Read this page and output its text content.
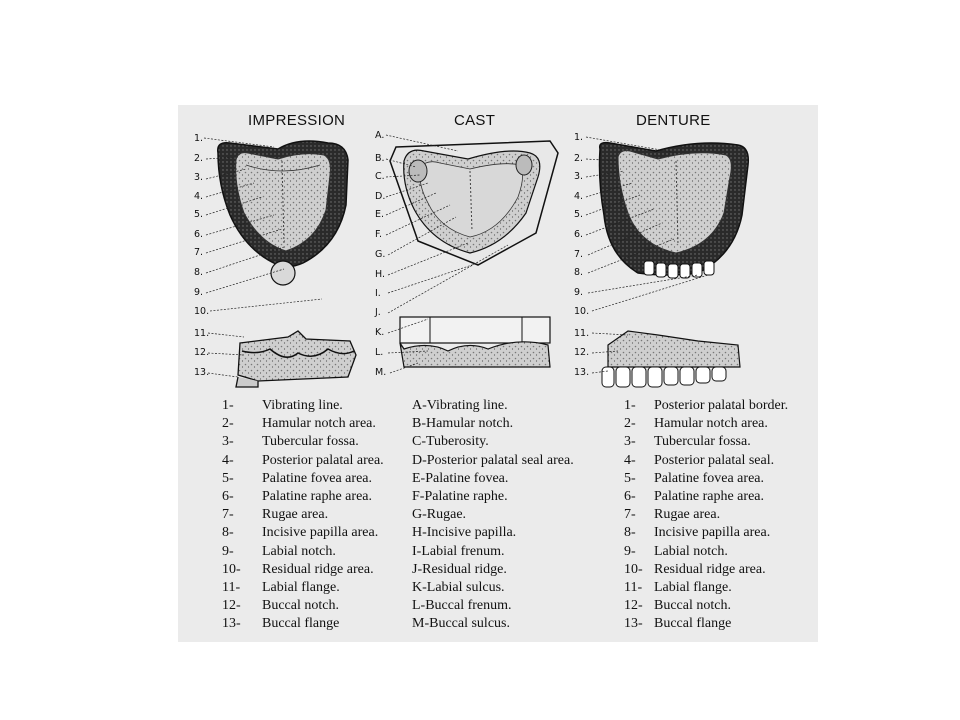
IMPRESSION	CAST	DENTURE
1.
2.
3.
4.
5.
6.
7.
8.
9.
10.
11.
12.
13.
A.
B.
C.
D.
E.
F.
G.
H.
I.
J.
K.
L.
M.
1.
2.
3.
4.
5.
6.
7.
8.
9.
10.
11.
12.
13.
1- Vibrating line.
2- Hamular notch area.
3- Tubercular fossa.
4- Posterior palatal area.
5- Palatine fovea area.
6- Palatine raphe area.
7- Rugae area.
8- Incisive papilla area.
9- Labial notch.
10- Residual ridge area.
11- Labial flange.
12- Buccal notch.
13- Buccal flange
A-Vibrating line.
B-Hamular notch.
C-Tuberosity.
D-Posterior palatal seal area.
E-Palatine fovea.
F-Palatine raphe.
G-Rugae.
H-Incisive papilla.
I-Labial frenum.
J-Residual ridge.
K-Labial sulcus.
L-Buccal frenum.
M-Buccal sulcus.
1- Posterior palatal border.
2- Hamular notch area.
3- Tubercular fossa.
4- Posterior palatal seal.
5- Palatine fovea area.
6- Palatine raphe area.
7- Rugae area.
8- Incisive papilla area.
9- Labial notch.
10- Residual ridge area.
11- Labial flange.
12- Buccal notch.
13- Buccal flange
